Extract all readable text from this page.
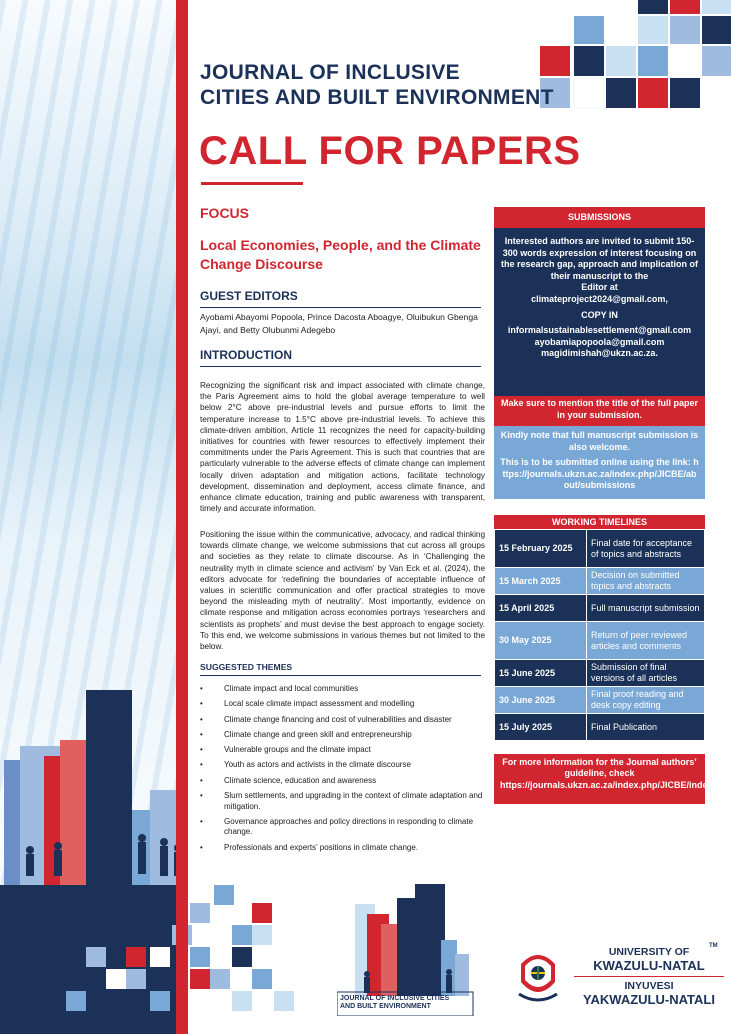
JOURNAL OF INCLUSIVE
CITIES AND BUILT ENVIRONMENT
CALL FOR PAPERS
FOCUS
Local Economies, People, and the Climate Change Discourse
GUEST EDITORS
Ayobami Abayomi Popoola, Prince Dacosta Aboagye, Oluibukun Gbenga Ajayi, and Betty Olubunmi Adegebo
INTRODUCTION
Recognizing the significant risk and impact associated with climate change, the Paris Agreement aims to hold the global average temperature to well below 2°C above pre-industrial levels and pursue efforts to limit the temperature increase to 1.5°C above pre-industrial levels. To achieve this climate-driven ambition, Article 11 recognizes the need for capacity-building initiatives for countries with fewer resources to effectively implement their commitments under the Paris Agreement. This is such that countries that are particularly vulnerable to the adverse effects of climate change can implement locally driven adaptation and mitigation actions, facilitate technology development, dissemination and deployment, access climate finance, and enhance climate education, training and public awareness with transparent, timely and accurate information.
Positioning the issue within the communicative, advocacy, and radical thinking towards climate change, we welcome submissions that cut across all groups and societies as they relate to climate discourse. As in ‘Challenging the neutrality myth in climate science and activism’ by Van Eck et al. (2024), the editors advocate for ‘redefining the boundaries of acceptable influence of values in scientific communication and offer practical strategies to move beyond the misleading myth of neutrality’. Most importantly, evidence on climate response and mitigation across economies portrays ‘researchers and scientists as prophets’ and must devise the best approach to engage society. To this end, we welcome submissions in various themes but not limited to the below.
SUGGESTED THEMES
• Climate impact and local communities
• Local scale climate impact assessment and modelling
• Climate change financing and cost of vulnerabilities and disaster
• Climate change and green skill and entrepreneurship
• Vulnerable groups and the climate impact
• Youth as actors and activists in the climate discourse
• Climate science, education and awareness
• Slum settlements, and upgrading in the context of climate adaptation and mitigation.
• Governance approaches and policy directions in responding to climate change.
• Professionals and experts’ positions in climate change.
SUBMISSIONS

Interested authors are invited to submit 150-300 words expression of interest focusing on the research gap, approach and implication of their manuscript to the

Editor at

climateproject2024@gmail.com,

COPY IN

informalsustainablesettlement@gmail.com

ayobamiapopoola@gmail.com

magidimishah@ukzn.ac.za.

Make sure to mention the title of the full paper in your submission.

Kindly note that full manuscript submission is also welcome.

This is to be submitted online using the link: https://journals.ukzn.ac.za/index.php/JICBE/about/submissions

WORKING TIMELINES
15 February 2025	Final date for acceptance of topics and abstracts
15 March 2025	Decision on submitted topics and abstracts
15 April 2025	Full manuscript submission
30 May 2025	Return of peer reviewed articles and comments
15 June 2025	Submission of final versions of all articles
30 June 2025	Final proof reading and desk copy editing
15 July 2025	Final Publication
For more information for the Journal authors’ guideline, check https://journals.ukzn.ac.za/index.php/JICBE/index
JOURNAL OF INCLUSIVE CITIES
AND BUILT ENVIRONMENT
UNIVERSITY OF
KWAZULU-NATAL
INYUVESI
YAKWAZULU-NATALI
TM
